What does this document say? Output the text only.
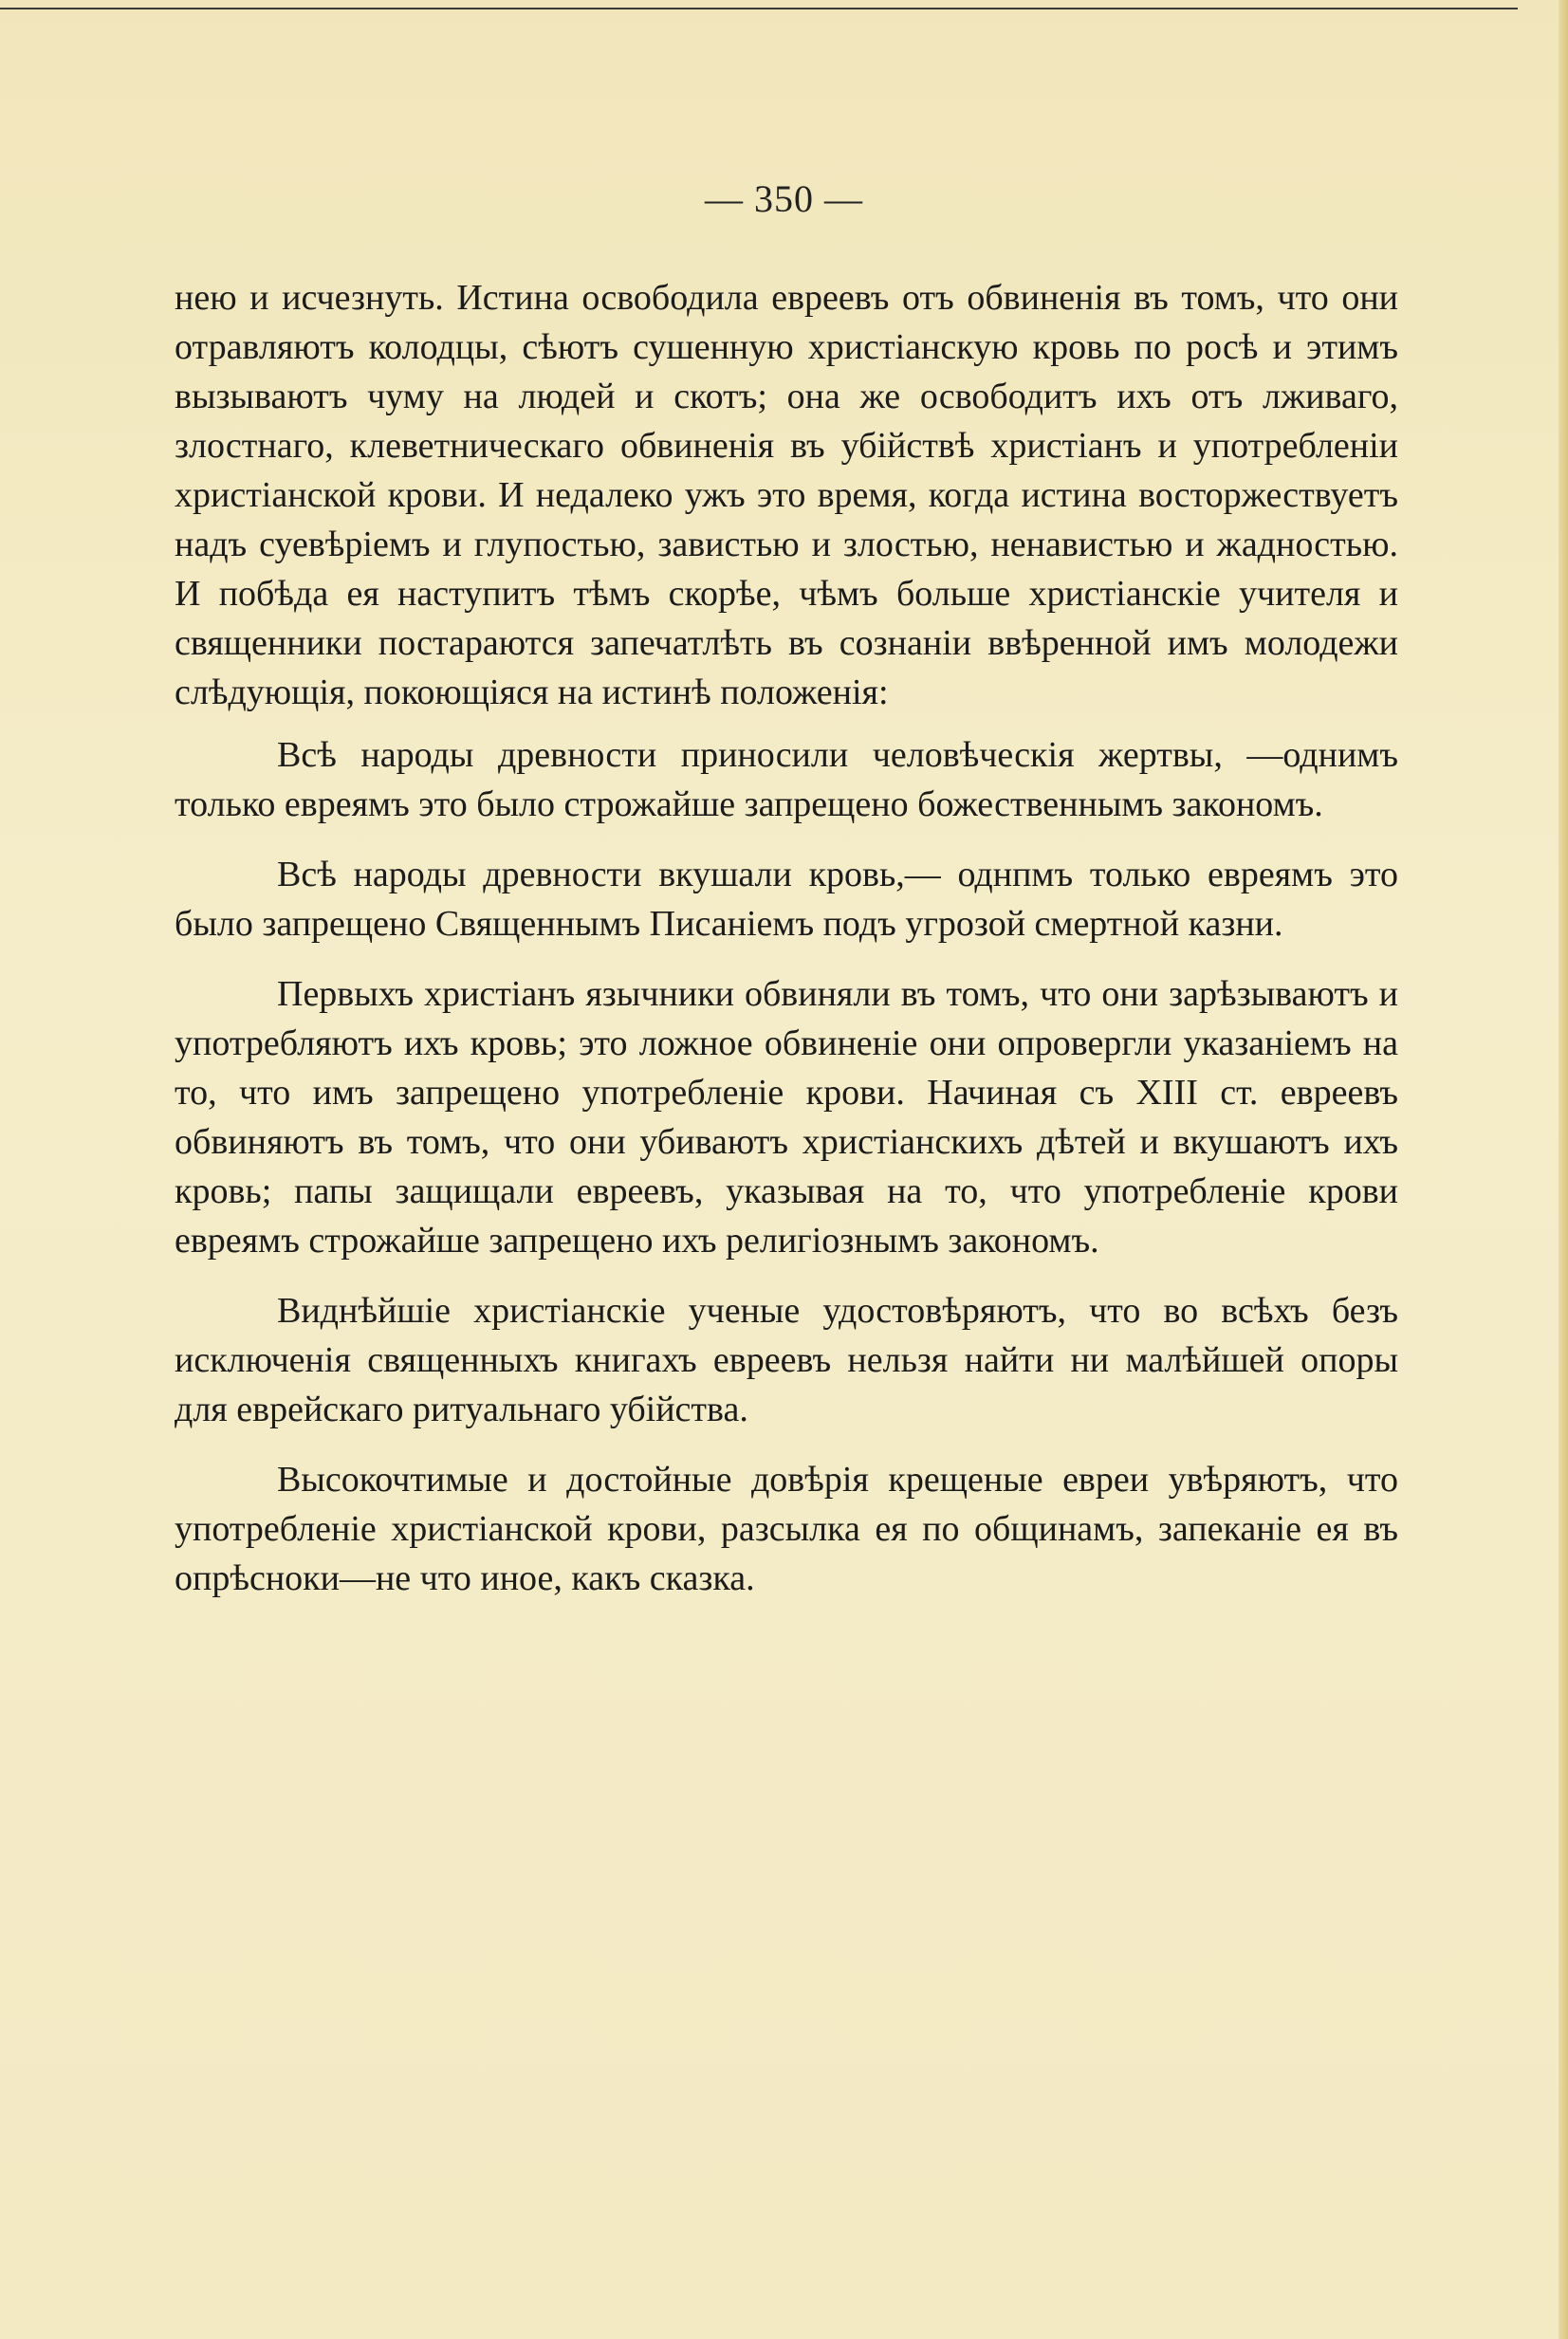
— 350 —

нею и исчезнуть. Истина освободила евреевъ отъ обвиненія въ томъ, что они отравляютъ колодцы, сѣютъ сушенную христіанскую кровь по росѣ и этимъ вызываютъ чуму на людей и скотъ; она же освободитъ ихъ отъ лживаго, злостнаго, клеветническаго обвиненія въ убійствѣ христіанъ и употребленіи христіанской крови. И недалеко ужъ это время, когда истина восторжествуетъ надъ суевѣріемъ и глупостью, завистью и злостью, ненавистью и жадностью. И побѣда ея наступитъ тѣмъ скорѣе, чѣмъ больше христіанскіе учителя и священники постараются запечатлѣть въ сознаніи ввѣренной имъ молодежи слѣдующія, покоющіяся на истинѣ положенія:

Всѣ народы древности приносили человѣческія жертвы, —однимъ только евреямъ это было строжайше запрещено божественнымъ закономъ.

Всѣ народы древности вкушали кровь,— однпмъ только евреямъ это было запрещено Священнымъ Писаніемъ подъ угрозой смертной казни.

Первыхъ христіанъ язычники обвиняли въ томъ, что они зарѣзываютъ и употребляютъ ихъ кровь; это ложное обвиненіе они опровергли указаніемъ на то, что имъ запрещено употребленіе крови. Начиная съ XIII ст. евреевъ обвиняютъ въ томъ, что они убиваютъ христіанскихъ дѣтей и вкушаютъ ихъ кровь; папы защищали евреевъ, указывая на то, что употребленіе крови евреямъ строжайше запрещено ихъ религіознымъ закономъ.

Виднѣйшіе христіанскіе ученые удостовѣряютъ, что во всѣхъ безъ исключенія священныхъ книгахъ евреевъ нельзя найти ни малѣйшей опоры для еврейскаго ритуальнаго убійства.

Высокочтимые и достойные довѣрія крещеные евреи увѣряютъ, что употребленіе христіанской крови, разсылка ея по общинамъ, запеканіе ея въ опрѣсноки—не что иное, какъ сказка.
